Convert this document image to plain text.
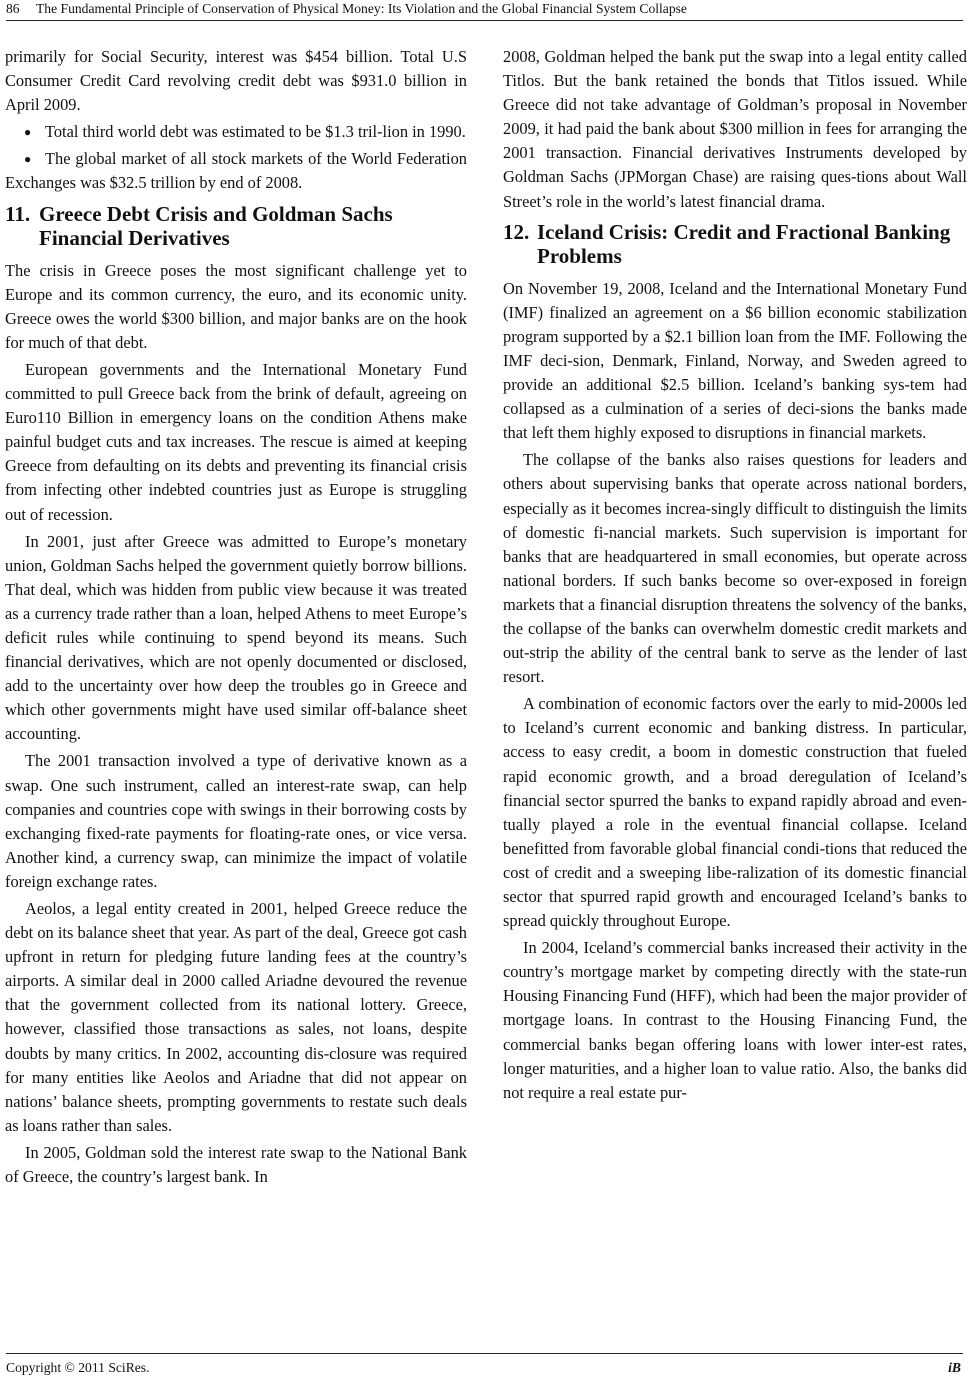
86 The Fundamental Principle of Conservation of Physical Money: Its Violation and the Global Financial System Collapse

primarily for Social Security, interest was $454 billion. Total U.S Consumer Credit Card revolving credit debt was $931.0 billion in April 2009.

● Total third world debt was estimated to be $1.3 tril-lion in 1990.
● The global market of all stock markets of the World Federation Exchanges was $32.5 trillion by end of 2008.
11. Greece Debt Crisis and Goldman Sachs Financial Derivatives

The crisis in Greece poses the most significant challenge yet to Europe and its common currency, the euro, and its economic unity. Greece owes the world $300 billion, and major banks are on the hook for much of that debt.

European governments and the International Monetary Fund committed to pull Greece back from the brink of default, agreeing on Euro110 Billion in emergency loans on the condition Athens make painful budget cuts and tax increases. The rescue is aimed at keeping Greece from defaulting on its debts and preventing its financial crisis from infecting other indebted countries just as Europe is struggling out of recession.

In 2001, just after Greece was admitted to Europe’s monetary union, Goldman Sachs helped the government quietly borrow billions. That deal, which was hidden from public view because it was treated as a currency trade rather than a loan, helped Athens to meet Europe’s deficit rules while continuing to spend beyond its means. Such financial derivatives, which are not openly documented or disclosed, add to the uncertainty over how deep the troubles go in Greece and which other governments might have used similar off-balance sheet accounting.

The 2001 transaction involved a type of derivative known as a swap. One such instrument, called an interest-rate swap, can help companies and countries cope with swings in their borrowing costs by exchanging fixed-rate payments for floating-rate ones, or vice versa. Another kind, a currency swap, can minimize the impact of volatile foreign exchange rates.

Aeolos, a legal entity created in 2001, helped Greece reduce the debt on its balance sheet that year. As part of the deal, Greece got cash upfront in return for pledging future landing fees at the country’s airports. A similar deal in 2000 called Ariadne devoured the revenue that the government collected from its national lottery. Greece, however, classified those transactions as sales, not loans, despite doubts by many critics. In 2002, accounting dis-closure was required for many entities like Aeolos and Ariadne that did not appear on nations’ balance sheets, prompting governments to restate such deals as loans rather than sales.

In 2005, Goldman sold the interest rate swap to the National Bank of Greece, the country’s largest bank. In

2008, Goldman helped the bank put the swap into a legal entity called Titlos. But the bank retained the bonds that Titlos issued. While Greece did not take advantage of Goldman’s proposal in November 2009, it had paid the bank about $300 million in fees for arranging the 2001 transaction. Financial derivatives Instruments developed by Goldman Sachs (JPMorgan Chase) are raising ques-tions about Wall Street’s role in the world’s latest financial drama.

12. Iceland Crisis: Credit and Fractional Banking Problems

On November 19, 2008, Iceland and the International Monetary Fund (IMF) finalized an agreement on a $6 billion economic stabilization program supported by a $2.1 billion loan from the IMF. Following the IMF deci-sion, Denmark, Finland, Norway, and Sweden agreed to provide an additional $2.5 billion. Iceland’s banking sys-tem had collapsed as a culmination of a series of deci-sions the banks made that left them highly exposed to disruptions in financial markets.

The collapse of the banks also raises questions for leaders and others about supervising banks that operate across national borders, especially as it becomes increa-singly difficult to distinguish the limits of domestic fi-nancial markets. Such supervision is important for banks that are headquartered in small economies, but operate across national borders. If such banks become so over-exposed in foreign markets that a financial disruption threatens the solvency of the banks, the collapse of the banks can overwhelm domestic credit markets and out-strip the ability of the central bank to serve as the lender of last resort.

A combination of economic factors over the early to mid-2000s led to Iceland’s current economic and banking distress. In particular, access to easy credit, a boom in domestic construction that fueled rapid economic growth, and a broad deregulation of Iceland’s financial sector spurred the banks to expand rapidly abroad and even-tually played a role in the eventual financial collapse. Iceland benefitted from favorable global financial condi-tions that reduced the cost of credit and a sweeping libe-ralization of its domestic financial sector that spurred rapid growth and encouraged Iceland’s banks to spread quickly throughout Europe.

In 2004, Iceland’s commercial banks increased their activity in the country’s mortgage market by competing directly with the state-run Housing Financing Fund (HFF), which had been the major provider of mortgage loans. In contrast to the Housing Financing Fund, the commercial banks began offering loans with lower inter-est rates, longer maturities, and a higher loan to value ratio. Also, the banks did not require a real estate pur-

Copyright © 2011 SciRes.	iB
